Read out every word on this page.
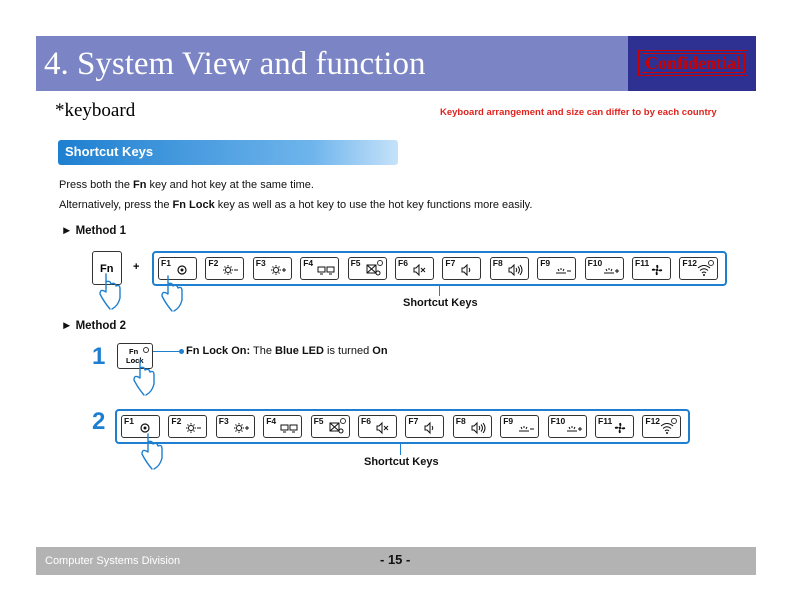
4. System View and function	Confidential
*keyboard	Keyboard arrangement and size can differ to by each country
Shortcut Keys
Press both the Fn key and hot key at the same time.
Alternatively, press the Fn Lock key as well as a hot key to use the hot key functions more easily.
► Method 1
Fn +	F1	F2	F3	F4	F5	F6	F7	F8	F9	F10	F11	F12
Shortcut Keys
► Method 2
1	Fn
Lock
Fn Lock On: The Blue LED is turned On
2 F1	F2	F3	F4	F5	F6	F7	F8	F9	F10	F11	F12
Shortcut Keys
Computer Systems Division	- 15 -
